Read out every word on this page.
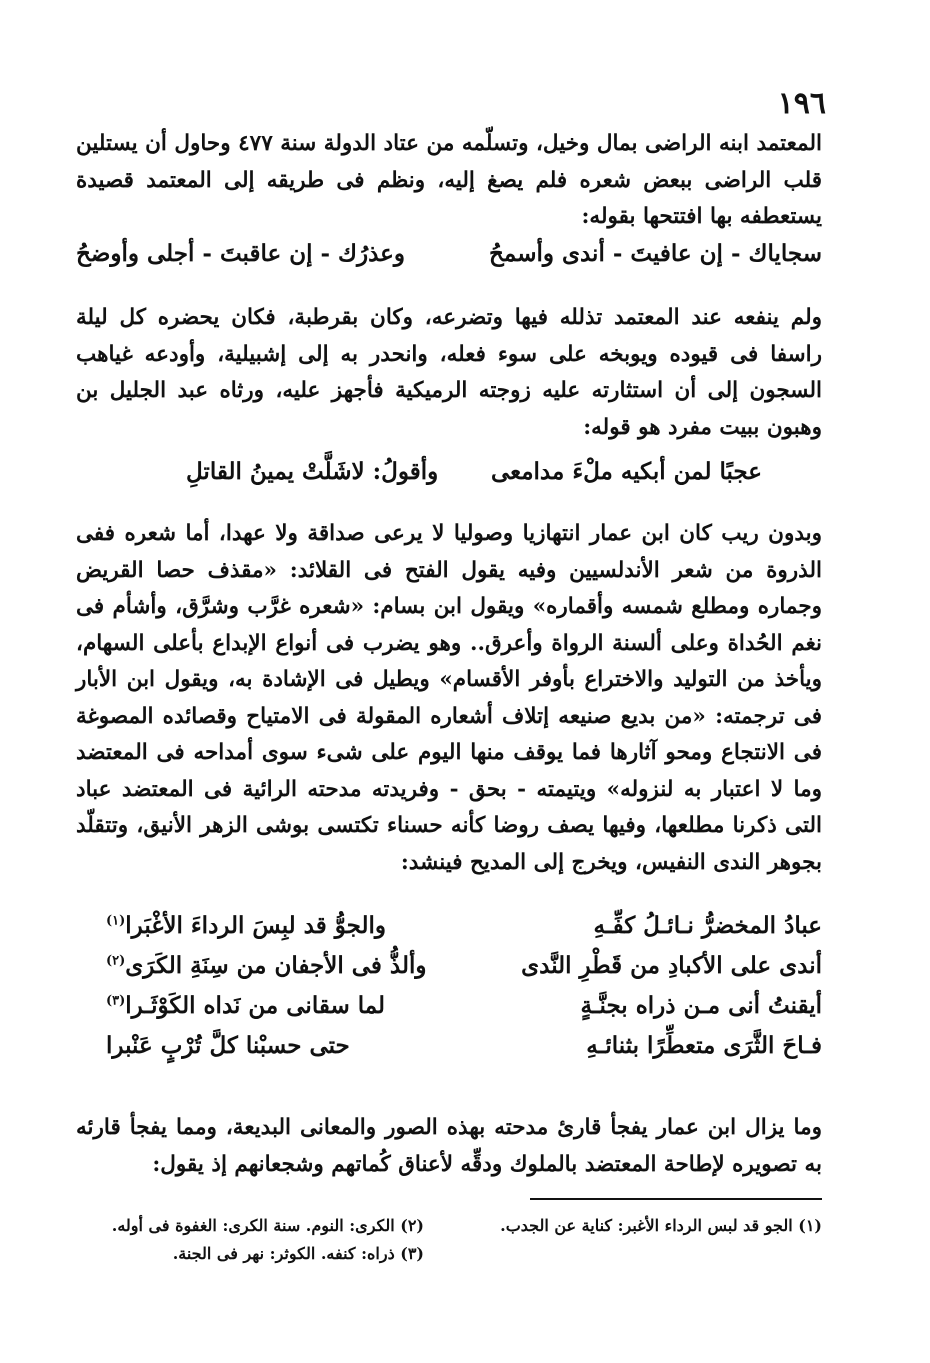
١٩٦
المعتمد ابنه الراضى بمال وخيل، وتسلّمه من عتاد الدولة سنة ٤٧٧ وحاول أن يستلين قلب الراضى ببعض شعره فلم يصغ إليه، ونظم فى طريقه إلى المعتمد قصيدة يستعطفه بها افتتحها بقوله:
سجاياك - إن عافيتَ - أندى وأسمحُ
وعذرُك - إن عاقبتَ - أجلى وأوضحُ
ولم ينفعه عند المعتمد تذلله فيها وتضرعه، وكان بقرطبة، فكان يحضره كل ليلة راسفا فى قيوده ويوبخه على سوء فعله، وانحدر به إلى إشبيلية، وأودعه غياهب السجون إلى أن استثارته عليه زوجته الرميكية فأجهز عليه، ورثاه عبد الجليل بن وهبون ببيت مفرد هو قوله:
عجبًا لمن أبكيه ملْءَ مدامعى
وأقولُ: لاشَلَّتْ يمينُ القاتلِ
وبدون ريب كان ابن عمار انتهازيا وصوليا لا يرعى صداقة ولا عهدا، أما شعره ففى الذروة من شعر الأندلسيين وفيه يقول الفتح فى القلائد: «مقذف حصا القريض وجماره ومطلع شمسه وأقماره» ويقول ابن بسام: «شعره غرَّب وشرَّق، وأشأم فى نغم الحُداة وعلى ألسنة الرواة وأعرق.. وهو يضرب فى أنواع الإبداع بأعلى السهام، ويأخذ من التوليد والاختراع بأوفر الأقسام» ويطيل فى الإشادة به، ويقول ابن الأبار فى ترجمته: «من بديع صنيعه إتلاف أشعاره المقولة فى الامتياح وقصائده المصوغة فى الانتجاع ومحو آثارها فما يوقف منها اليوم على شىء سوى أمداحه فى المعتضد وما لا اعتبار به لنزوله» ويتيمته - بحق - وفريدته مدحته الرائية فى المعتضد عباد التى ذكرنا مطلعها، وفيها يصف روضا كأنه حسناء تكتسى بوشى الزهر الأنيق، وتتقلّد بجوهر الندى النفيس، ويخرج إلى المديح فينشد:
عبادُ المخضرُّ نـائـلُ كفِّـهِ
والجوُّ قد لبِسَ الرداءَ الأغْبَرا$^{(١)}$
أندى على الأكبادِ من قَطْرِ النَّدى
وألذُّ فى الأجفان من سِنَةِ الكَرَى$^{(٢)}$
أيقنتُ أنى مـن ذراه بجنَّـةٍ
لما سقانى من نَداه الكَوْثَـرا$^{(٣)}$
فـاحَ الثَّرَى متعطِّرًا بثنائـهِ
حتى حسبْنا كلَّ تُرْبٍ عَنْبرا
وما يزال ابن عمار يفجأ قارئ مدحته بهذه الصور والمعانى البديعة، ومما يفجأ قارئه به تصويره لإطاحة المعتضد بالملوك ودقِّه لأعناق كُماتهم وشجعانهم إذ يقول:
(١) الجو قد لبس الرداء الأغبر: كناية عن الجدب.
(٢) الكرى: النوم. سنة الكرى: الغفوة فى أوله.
(٣) ذراه: كنفه. الكوثر: نهر فى الجنة.
